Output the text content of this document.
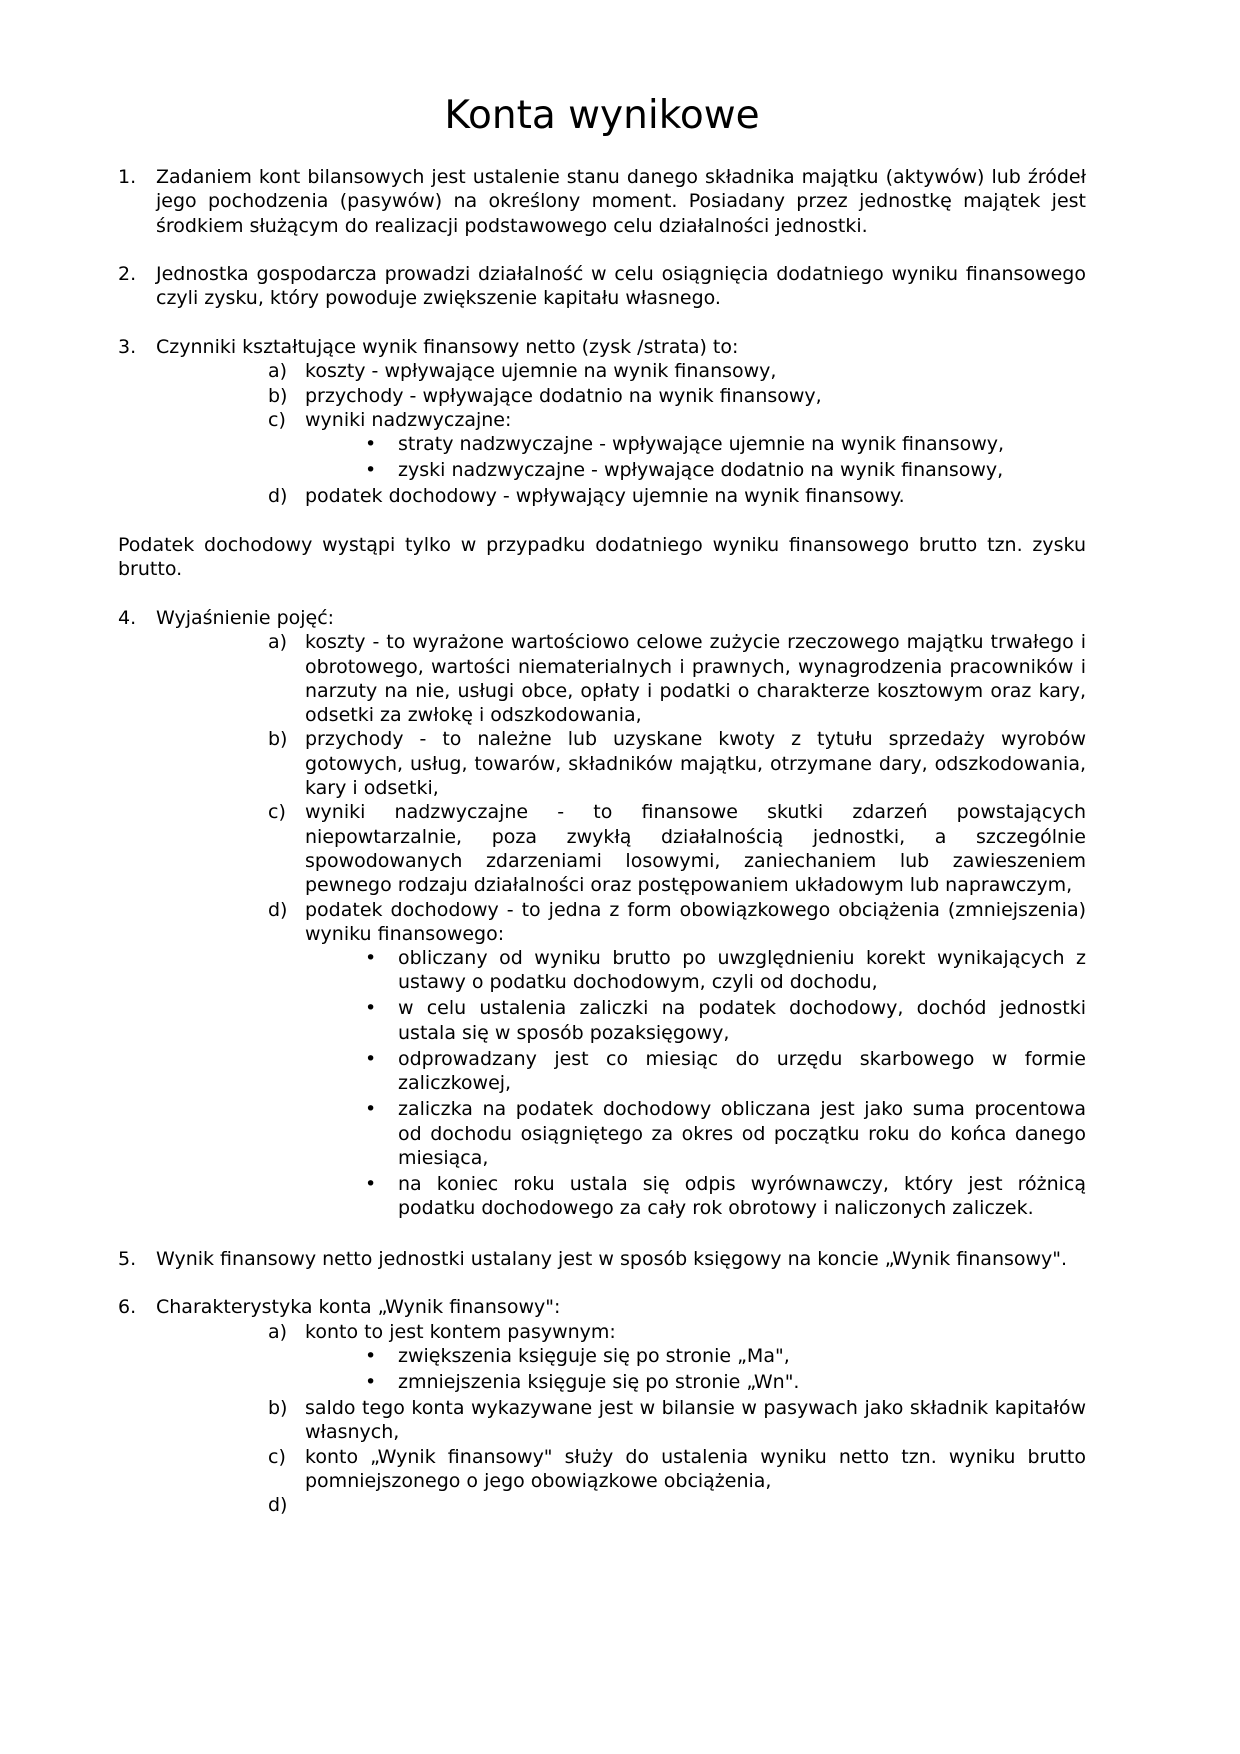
Konta wynikowe
1. Zadaniem kont bilansowych jest ustalenie stanu danego składnika majątku (aktywów) lub źródeł jego pochodzenia (pasywów) na określony moment. Posiadany przez jednostkę majątek jest środkiem służącym do realizacji podstawowego celu działalności jednostki.
2. Jednostka gospodarcza prowadzi działalność w celu osiągnięcia dodatniego wyniku finansowego czyli zysku, który powoduje zwiększenie kapitału własnego.
3. Czynniki kształtujące wynik finansowy netto (zysk /strata) to:
a) koszty - wpływające ujemnie na wynik finansowy,
b) przychody - wpływające dodatnio na wynik finansowy,
c) wyniki nadzwyczajne:
• straty nadzwyczajne - wpływające ujemnie na wynik finansowy,
• zyski nadzwyczajne - wpływające dodatnio na wynik finansowy,
d) podatek dochodowy - wpływający ujemnie na wynik finansowy.
Podatek dochodowy wystąpi tylko w przypadku dodatniego wyniku finansowego brutto tzn. zysku brutto.
4. Wyjaśnienie pojęć:
a) koszty - to wyrażone wartościowo celowe zużycie rzeczowego majątku trwałego i obrotowego, wartości niematerialnych i prawnych, wynagrodzenia pracowników i narzuty na nie, usługi obce, opłaty i podatki o charakterze kosztowym oraz kary, odsetki za zwłokę i odszkodowania,
b) przychody - to należne lub uzyskane kwoty z tytułu sprzedaży wyrobów gotowych, usług, towarów, składników majątku, otrzymane dary, odszkodowania, kary i odsetki,
c) wyniki nadzwyczajne - to finansowe skutki zdarzeń powstających niepowtarzalnie, poza zwykłą działalnością jednostki, a szczególnie spowodowanych zdarzeniami losowymi, zaniechaniem lub zawieszeniem pewnego rodzaju działalności oraz postępowaniem układowym lub naprawczym,
d) podatek dochodowy - to jedna z form obowiązkowego obciążenia (zmniejszenia) wyniku finansowego:
• obliczany od wyniku brutto po uwzględnieniu korekt wynikających z ustawy o podatku dochodowym, czyli od dochodu,
• w celu ustalenia zaliczki na podatek dochodowy, dochód jednostki ustala się w sposób pozaksięgowy,
• odprowadzany jest co miesiąc do urzędu skarbowego w formie zaliczkowej,
• zaliczka na podatek dochodowy obliczana jest jako suma procentowa od dochodu osiągniętego za okres od początku roku do końca danego miesiąca,
• na koniec roku ustala się odpis wyrównawczy, który jest różnicą podatku dochodowego za cały rok obrotowy i naliczonych zaliczek.
5. Wynik finansowy netto jednostki ustalany jest w sposób księgowy na koncie „Wynik finansowy".
6. Charakterystyka konta „Wynik finansowy":
a) konto to jest kontem pasywnym:
• zwiększenia księguje się po stronie „Ma",
• zmniejszenia księguje się po stronie „Wn".
b) saldo tego konta wykazywane jest w bilansie w pasywach jako składnik kapitałów własnych,
c) konto „Wynik finansowy" służy do ustalenia wyniku netto tzn. wyniku brutto pomniejszonego o jego obowiązkowe obciążenia,
d)
